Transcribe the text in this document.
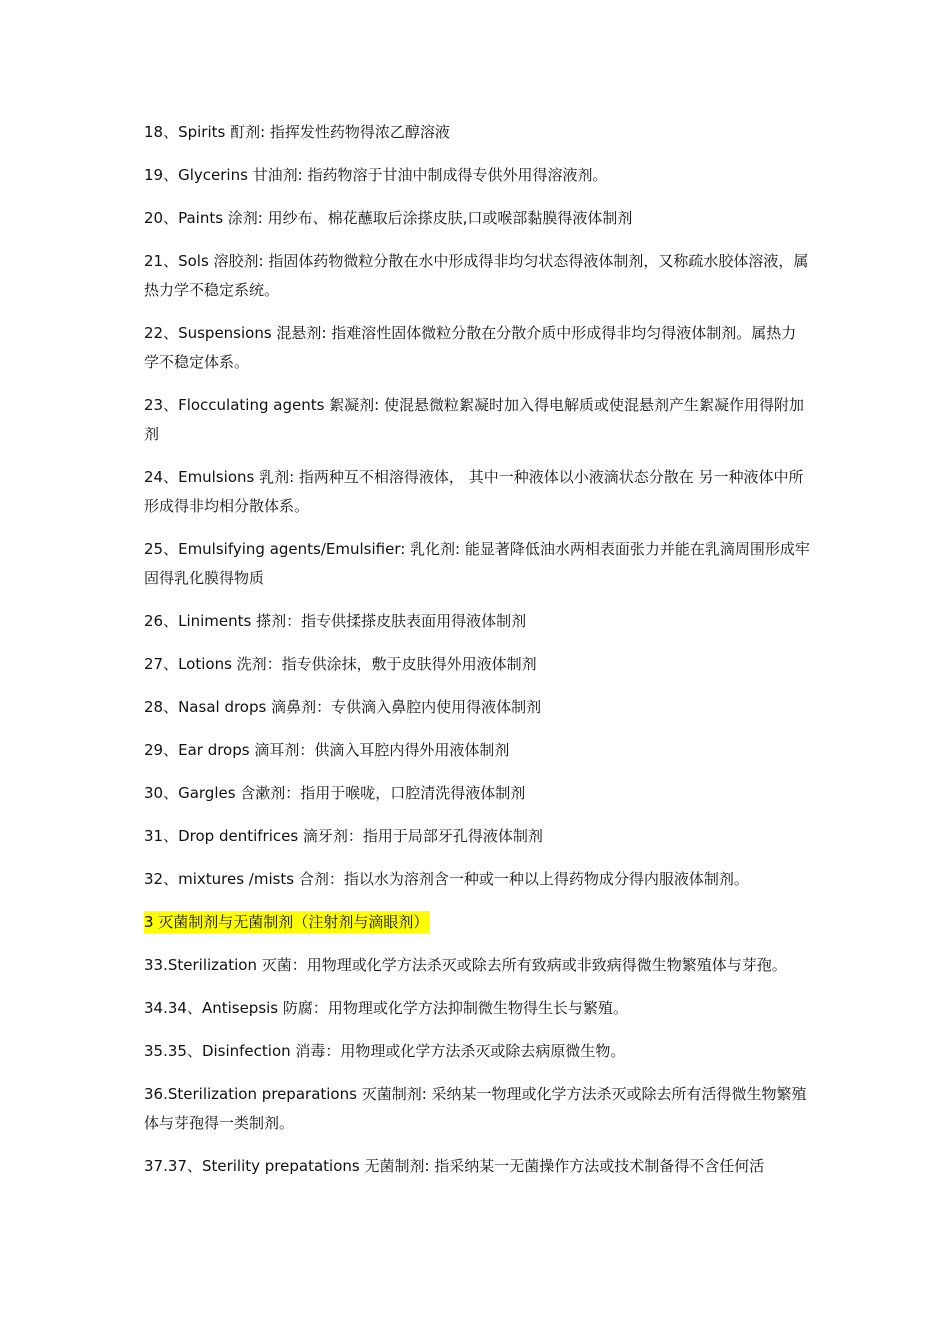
18、Spirits 酊剂: 指挥发性药物得浓乙醇溶液

19、Glycerins 甘油剂: 指药物溶于甘油中制成得专供外用得溶液剂。

20、Paints 涂剂: 用纱布、棉花蘸取后涂搽皮肤,口或喉部黏膜得液体制剂

21、Sols 溶胶剂: 指固体药物微粒分散在水中形成得非均匀状态得液体制剂，又称疏水胶体溶液，属热力学不稳定系统。

22、Suspensions 混悬剂: 指难溶性固体微粒分散在分散介质中形成得非均匀得液体制剂。属热力学不稳定体系。

23、Flocculating agents 絮凝剂: 使混悬微粒絮凝时加入得电解质或使混悬剂产生絮凝作用得附加剂

24、Emulsions 乳剂: 指两种互不相溶得液体， 其中一种液体以小液滴状态分散在 另一种液体中所形成得非均相分散体系。

25、Emulsifying agents/Emulsifier: 乳化剂: 能显著降低油水两相表面张力并能在乳滴周围形成牢固得乳化膜得物质

26、Liniments 搽剂：指专供揉搽皮肤表面用得液体制剂

27、Lotions 洗剂：指专供涂抹，敷于皮肤得外用液体制剂

28、Nasal drops 滴鼻剂：专供滴入鼻腔内使用得液体制剂

29、Ear drops 滴耳剂：供滴入耳腔内得外用液体制剂

30、Gargles 含漱剂：指用于喉咙，口腔清洗得液体制剂

31、Drop dentifrices 滴牙剂：指用于局部牙孔得液体制剂

32、mixtures /mists 合剂：指以水为溶剂含一种或一种以上得药物成分得内服液体制剂。

3 灭菌制剂与无菌制剂（注射剂与滴眼剂）

33.Sterilization 灭菌：用物理或化学方法杀灭或除去所有致病或非致病得微生物繁殖体与芽孢。

34.34、Antisepsis 防腐：用物理或化学方法抑制微生物得生长与繁殖。

35.35、Disinfection 消毒：用物理或化学方法杀灭或除去病原微生物。

36.Sterilization preparations 灭菌制剂: 采纳某一物理或化学方法杀灭或除去所有活得微生物繁殖体与芽孢得一类制剂。

37.37、Sterility prepatations 无菌制剂: 指采纳某一无菌操作方法或技术制备得不含任何活
